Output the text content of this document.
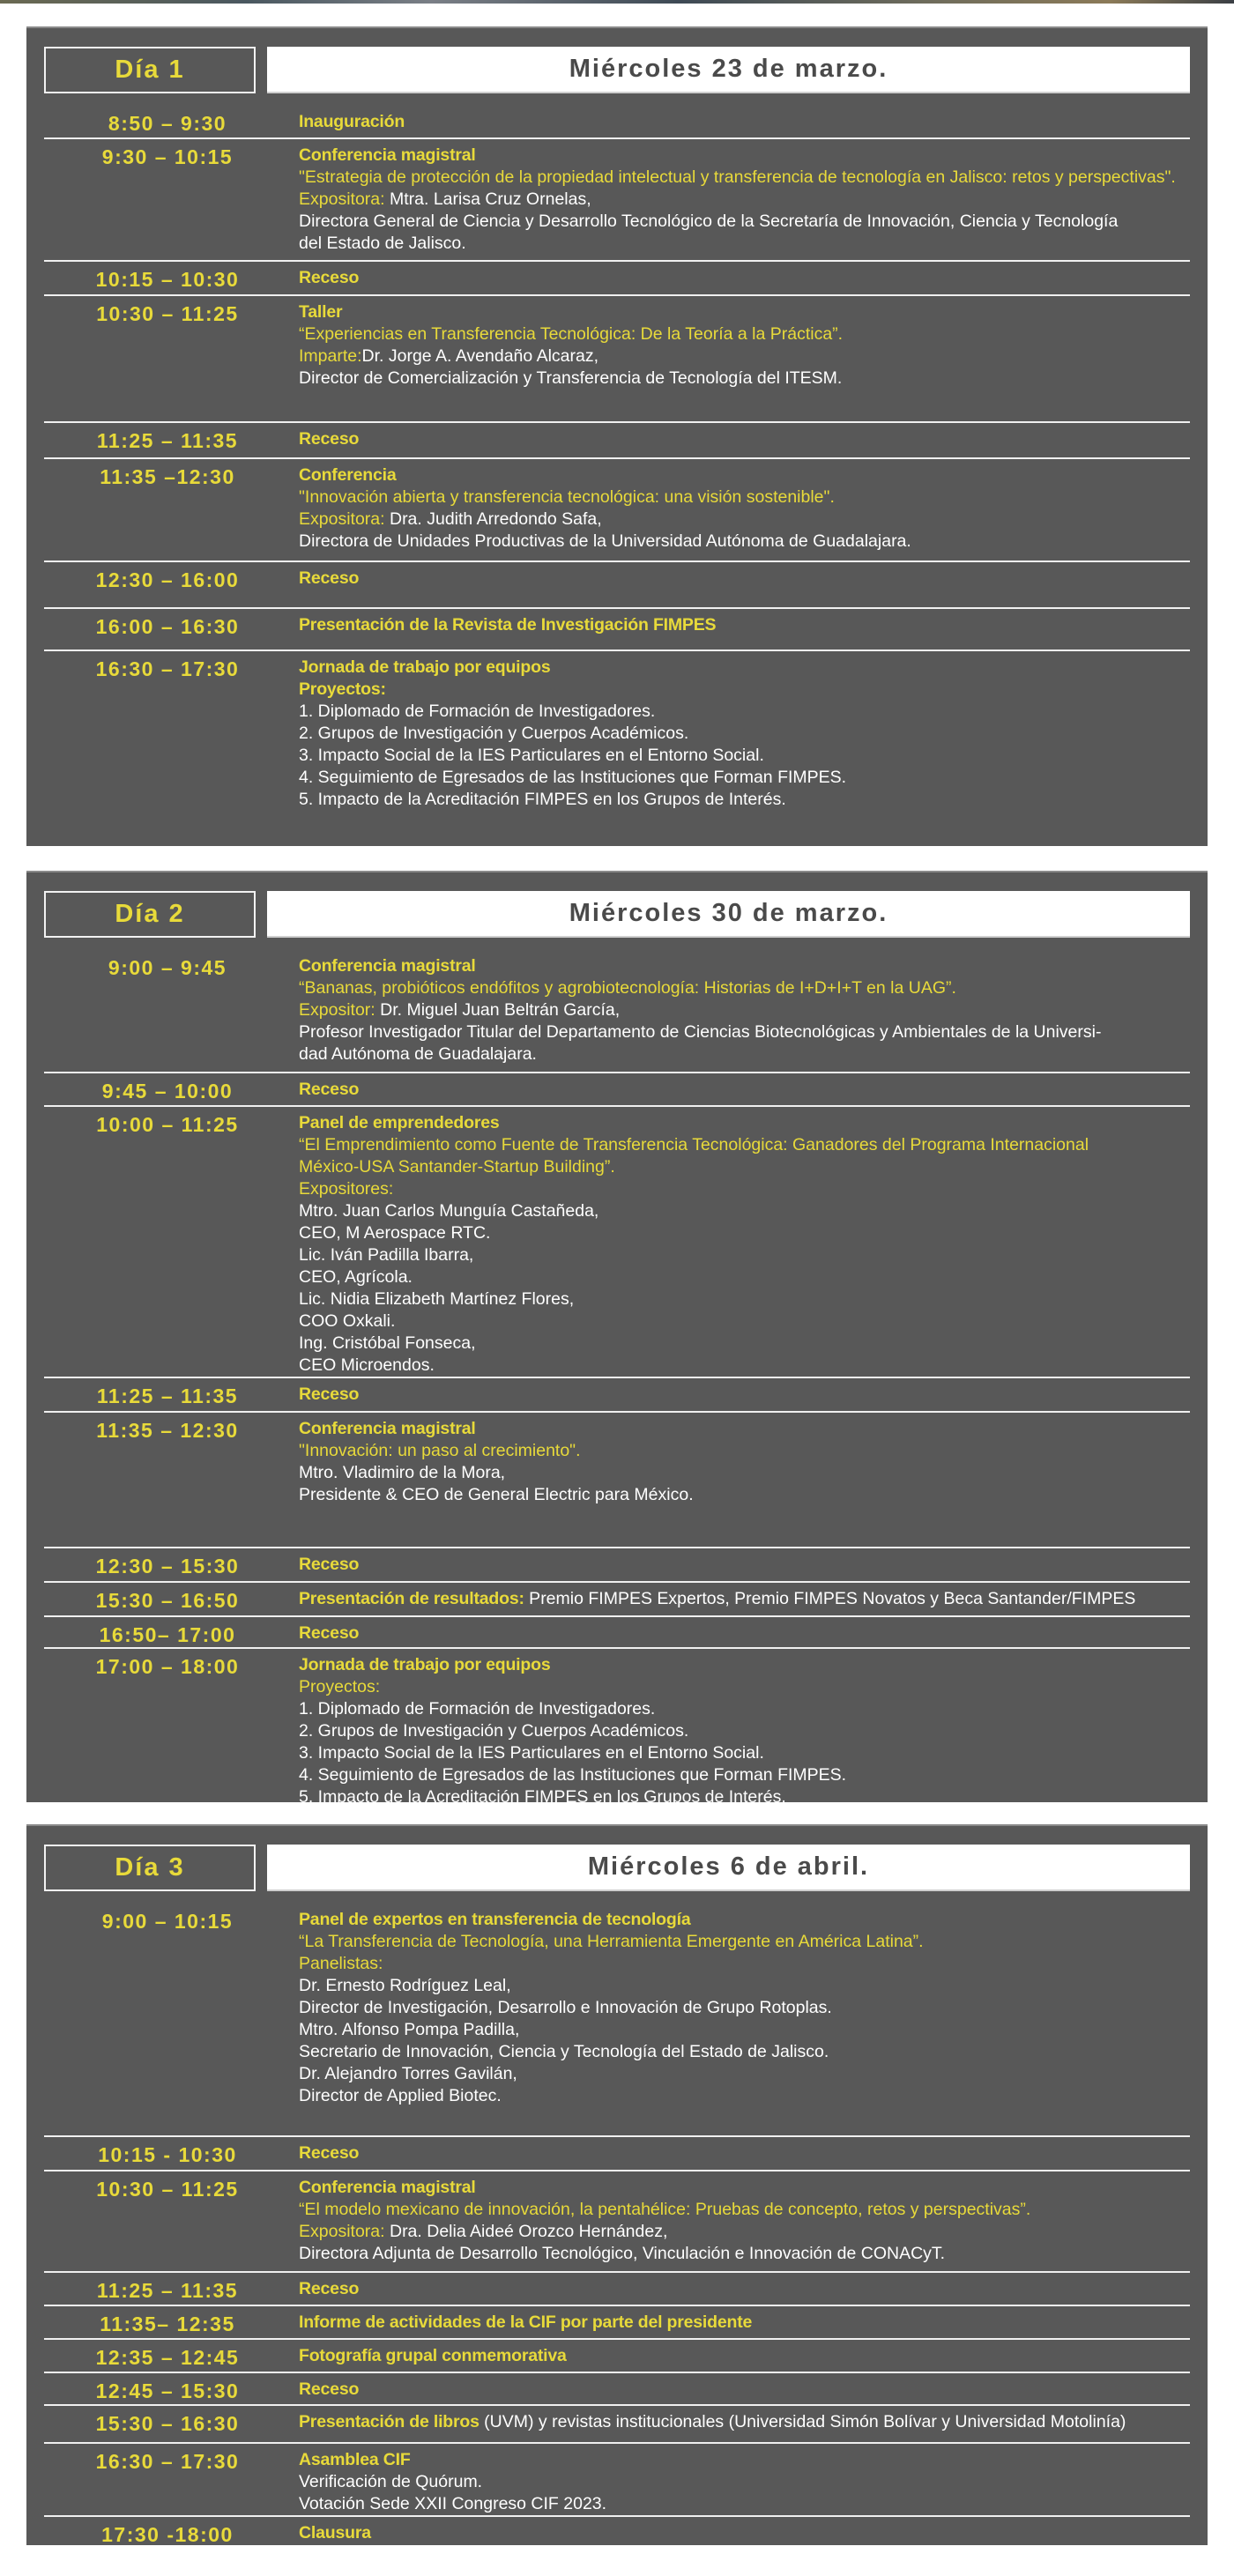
Día 1	Miércoles 23 de marzo.
8:50 – 9:30	Inauguración
9:30 – 10:15	Conferencia magistral
"Estrategia de protección de la propiedad intelectual y transferencia de tecnología en Jalisco: retos y perspectivas".
Expositora: Mtra. Larisa Cruz Ornelas,
Directora General de Ciencia y Desarrollo Tecnológico de la Secretaría de Innovación, Ciencia y Tecnología
del Estado de Jalisco.
10:15 – 10:30	Receso
10:30 – 11:25	Taller
“Experiencias en Transferencia Tecnológica: De la Teoría a la Práctica”.
Imparte:Dr. Jorge A. Avendaño Alcaraz,
Director de Comercialización y Transferencia de Tecnología del ITESM.
11:25 – 11:35	Receso
11:35 –12:30	Conferencia
"Innovación abierta y transferencia tecnológica: una visión sostenible".
Expositora: Dra. Judith Arredondo Safa,
Directora de Unidades Productivas de la Universidad Autónoma de Guadalajara.
12:30 – 16:00	Receso
16:00 – 16:30	Presentación de la Revista de Investigación FIMPES
16:30 – 17:30	Jornada de trabajo por equipos
Proyectos:
1. Diplomado de Formación de Investigadores.
2. Grupos de Investigación y Cuerpos Académicos.
3. Impacto Social de la IES Particulares en el Entorno Social.
4. Seguimiento de Egresados de las Instituciones que Forman FIMPES.
5. Impacto de la Acreditación FIMPES en los Grupos de Interés.
Día 2	Miércoles 30 de marzo.
9:00 – 9:45	Conferencia magistral
“Bananas, probióticos endófitos y agrobiotecnología: Historias de I+D+I+T en la UAG”.
Expositor: Dr. Miguel Juan Beltrán García,
Profesor Investigador Titular del Departamento de Ciencias Biotecnológicas y Ambientales de la Universi-
dad Autónoma de Guadalajara.
9:45 – 10:00	Receso
10:00 – 11:25	Panel de emprendedores
“El Emprendimiento como Fuente de Transferencia Tecnológica: Ganadores del Programa Internacional
México-USA Santander-Startup Building”.
Expositores:
Mtro. Juan Carlos Munguía Castañeda,
CEO, M Aerospace RTC.
Lic. Iván Padilla Ibarra,
CEO, Agrícola.
Lic. Nidia Elizabeth Martínez Flores,
COO Oxkali.
Ing. Cristóbal Fonseca,
CEO Microendos.
11:25 – 11:35	Receso
11:35 – 12:30	Conferencia magistral
"Innovación: un paso al crecimiento".
Mtro. Vladimiro de la Mora,
Presidente & CEO de General Electric para México.
12:30 – 15:30	Receso
15:30 – 16:50	Presentación de resultados: Premio FIMPES Expertos, Premio FIMPES Novatos y Beca Santander/FIMPES
16:50– 17:00	Receso
17:00 – 18:00	Jornada de trabajo por equipos
Proyectos:
1. Diplomado de Formación de Investigadores.
2. Grupos de Investigación y Cuerpos Académicos.
3. Impacto Social de la IES Particulares en el Entorno Social.
4. Seguimiento de Egresados de las Instituciones que Forman FIMPES.
5. Impacto de la Acreditación FIMPES en los Grupos de Interés.
Día 3	Miércoles 6 de abril.
9:00 – 10:15	Panel de expertos en transferencia de tecnología
“La Transferencia de Tecnología, una Herramienta Emergente en América Latina”.
Panelistas:
Dr. Ernesto Rodríguez Leal,
Director de Investigación, Desarrollo e Innovación de Grupo Rotoplas.
Mtro. Alfonso Pompa Padilla,
Secretario de Innovación, Ciencia y Tecnología del Estado de Jalisco.
Dr. Alejandro Torres Gavilán,
Director de Applied Biotec.
10:15 - 10:30	Receso
10:30 – 11:25	Conferencia magistral
“El modelo mexicano de innovación, la pentahélice: Pruebas de concepto, retos y perspectivas”.
Expositora: Dra. Delia Aideé Orozco Hernández,
Directora Adjunta de Desarrollo Tecnológico, Vinculación e Innovación de CONACyT.
11:25 – 11:35	Receso
11:35– 12:35	Informe de actividades de la CIF por parte del presidente
12:35 – 12:45	Fotografía grupal conmemorativa
12:45 – 15:30	Receso
15:30 – 16:30	Presentación de libros (UVM) y revistas institucionales (Universidad Simón Bolívar y Universidad Motolinía)
16:30 – 17:30	Asamblea CIF
Verificación de Quórum.
Votación Sede XXII Congreso CIF 2023.
17:30 -18:00	Clausura
